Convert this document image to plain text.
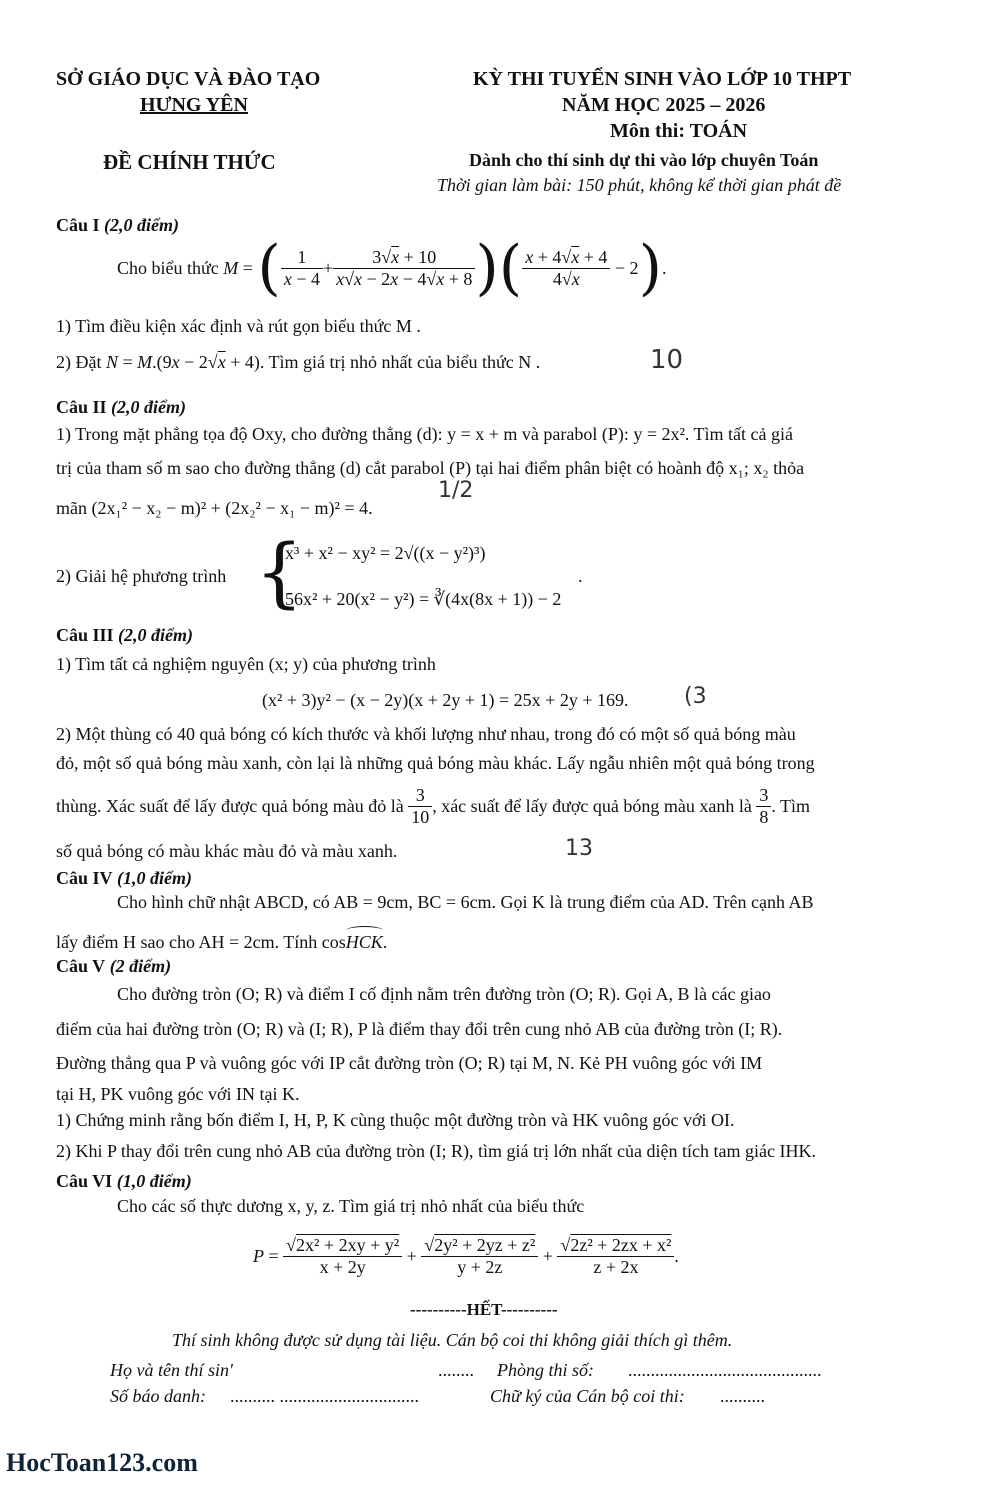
SỞ GIÁO DỤC VÀ ĐÀO TẠO
HƯNG YÊN
ĐỀ CHÍNH THỨC
KỲ THI TUYỂN SINH VÀO LỚP 10 THPT
NĂM HỌC 2025 – 2026
Môn thi: TOÁN
Dành cho thí sinh dự thi vào lớp chuyên Toán
Thời gian làm bài: 150 phút, không kể thời gian phát đề
Câu I (2,0 điểm)
Cho biểu thức
M = ( $\frac{1}{x - 4} + \frac{3√x + 10}{x√x - 2x - 4√x + 8}$ ) ( $\frac{x + 4√x + 4}{4√x} - 2$ ) .
1) Tìm điều kiện xác định và rút gọn biểu thức M .
2) Đặt N = M.(9x − 2√x + 4). Tìm giá trị nhỏ nhất của biểu thức N .	10
Câu II (2,0 điểm)
1) Trong mặt phẳng tọa độ Oxy, cho đường thẳng (d): y = x + m và parabol (P): y = 2x². Tìm tất cả giá
trị của tham số m sao cho đường thẳng (d) cắt parabol (P) tại hai điểm phân biệt có hoành độ x₁; x₂ thỏa
mãn (2x₁² − x₂ − m)² + (2x₂² − x₁ − m)² = 4.
1/2
2) Giải hệ phương trình {
x³ + x² − xy² = 2√((x − y²)³)
56x² + 20(x² − y²) = ∛(4x(8x + 1)) − 2
.
Câu III (2,0 điểm)
1) Tìm tất cả nghiệm nguyên (x; y) của phương trình
(x² + 3)y² − (x − 2y)(x + 2y + 1) = 25x + 2y + 169.	(3
2) Một thùng có 40 quả bóng có kích thước và khối lượng như nhau, trong đó có một số quả bóng màu
đỏ, một số quả bóng màu xanh, còn lại là những quả bóng màu khác. Lấy ngẫu nhiên một quả bóng trong
thùng. Xác suất để lấy được quả bóng màu đỏ là
$\frac{3}{10}$ , xác suất để lấy được quả bóng màu xanh là
$\frac{3}{8}$ . Tìm
số quả bóng có màu khác màu đỏ và màu xanh.	13
Câu IV (1,0 điểm)
Cho hình chữ nhật ABCD, có AB = 9cm, BC = 6cm. Gọi K là trung điểm của AD. Trên cạnh AB
lấy điểm H sao cho AH = 2cm. Tính cos
HCK.
Câu V (2 điểm)
Cho đường tròn (O; R) và điểm I cố định nằm trên đường tròn (O; R). Gọi A, B là các giao
điểm của hai đường tròn (O; R) và (I; R), P là điểm thay đổi trên cung nhỏ AB của đường tròn (I; R).
Đường thẳng qua P và vuông góc với IP cắt đường tròn (O; R) tại M, N. Kẻ PH vuông góc với IM
tại H, PK vuông góc với IN tại K.
1) Chứng minh rằng bốn điểm I, H, P, K cùng thuộc một đường tròn và HK vuông góc với OI.
2) Khi P thay đổi trên cung nhỏ AB của đường tròn (I; R), tìm giá trị lớn nhất của diện tích tam giác IHK.
Câu VI (1,0 điểm)
Cho các số thực dương x, y, z. Tìm giá trị nhỏ nhất của biểu thức
$P = \frac{\text{√2x² + 2xy + y²}}{x + 2y} + \frac{\text{√2y² + 2yz + z²}}{y + 2z} + \frac{\text{√2z² + 2zx + x²}}{z + 2x}$ .
----------HẾT----------
Thí sinh không được sử dụng tài liệu. Cán bộ coi thi không giải thích gì thêm.
Họ và tên thí sin'	........ Phòng thi số: ...........................................
Số báo danh: .......... ...............................	Chữ ký của Cán bộ coi thi: ..........
HocToan123.com
